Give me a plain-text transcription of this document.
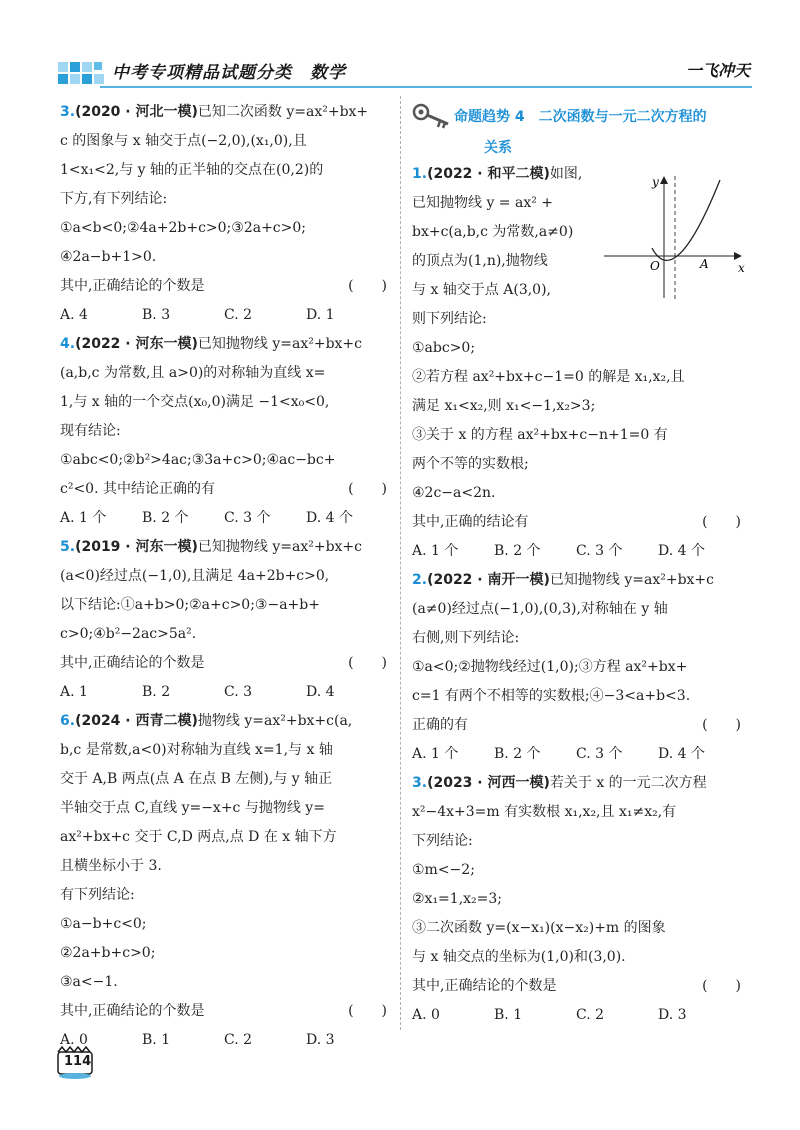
中考专项精品试题分类　数学	一飞冲天
3.(2020 · 河北一模)已知二次函数 y=ax²+bx+
c 的图象与 x 轴交于点(−2,0),(x₁,0),且
1<x₁<2,与 y 轴的正半轴的交点在(0,2)的
下方,有下列结论:
①a<b<0;②4a+2b+c>0;③2a+c>0;
④2a−b+1>0.
其中,正确结论的个数是	(　　)
A. 4	B. 3	C. 2	D. 1
4.(2022 · 河东一模)已知抛物线 y=ax²+bx+c
(a,b,c 为常数,且 a>0)的对称轴为直线 x=
1,与 x 轴的一个交点(x₀,0)满足 −1<x₀<0,
现有结论:
①abc<0;②b²>4ac;③3a+c>0;④ac−bc+
c²<0. 其中结论正确的有	(　　)
A. 1 个	B. 2 个	C. 3 个	D. 4 个
5.(2019 · 河东一模)已知抛物线 y=ax²+bx+c
(a<0)经过点(−1,0),且满足 4a+2b+c>0,
以下结论:①a+b>0;②a+c>0;③−a+b+
c>0;④b²−2ac>5a².
其中,正确结论的个数是	(　　)
A. 1	B. 2	C. 3	D. 4
6.(2024 · 西青二模)抛物线 y=ax²+bx+c(a,
b,c 是常数,a<0)对称轴为直线 x=1,与 x 轴
交于 A,B 两点(点 A 在点 B 左侧),与 y 轴正
半轴交于点 C,直线 y=−x+c 与抛物线 y=
ax²+bx+c 交于 C,D 两点,点 D 在 x 轴下方
且横坐标小于 3.
有下列结论:
①a−b+c<0;
②2a+b+c>0;
③a<−1.
其中,正确结论的个数是	(　　)
A. 0	B. 1	C. 2	D. 3
命题趋势 4　二次函数与一元二次方程的
关系
1.(2022 · 和平二模)如图,
已知抛物线 y = ax² +
bx+c(a,b,c 为常数,a≠0)
的顶点为(1,n),抛物线
与 x 轴交于点 A(3,0),
则下列结论:
①abc>0;
②若方程 ax²+bx+c−1=0 的解是 x₁,x₂,且
满足 x₁<x₂,则 x₁<−1,x₂>3;
③关于 x 的方程 ax²+bx+c−n+1=0 有
两个不等的实数根;
④2c−a<2n.
其中,正确的结论有	(　　)
A. 1 个	B. 2 个	C. 3 个	D. 4 个
2.(2022 · 南开一模)已知抛物线 y=ax²+bx+c
(a≠0)经过点(−1,0),(0,3),对称轴在 y 轴
右侧,则下列结论:
①a<0;②抛物线经过(1,0);③方程 ax²+bx+
c=1 有两个不相等的实数根;④−3<a+b<3.
正确的有	(　　)
A. 1 个	B. 2 个	C. 3 个	D. 4 个
3.(2023 · 河西一模)若关于 x 的一元二次方程
x²−4x+3=m 有实数根 x₁,x₂,且 x₁≠x₂,有
下列结论:
①m<−2;
②x₁=1,x₂=3;
③二次函数 y=(x−x₁)(x−x₂)+m 的图象
与 x 轴交点的坐标为(1,0)和(3,0).
其中,正确结论的个数是	(　　)
A. 0	B. 1	C. 2	D. 3
x
y
O	A
114
